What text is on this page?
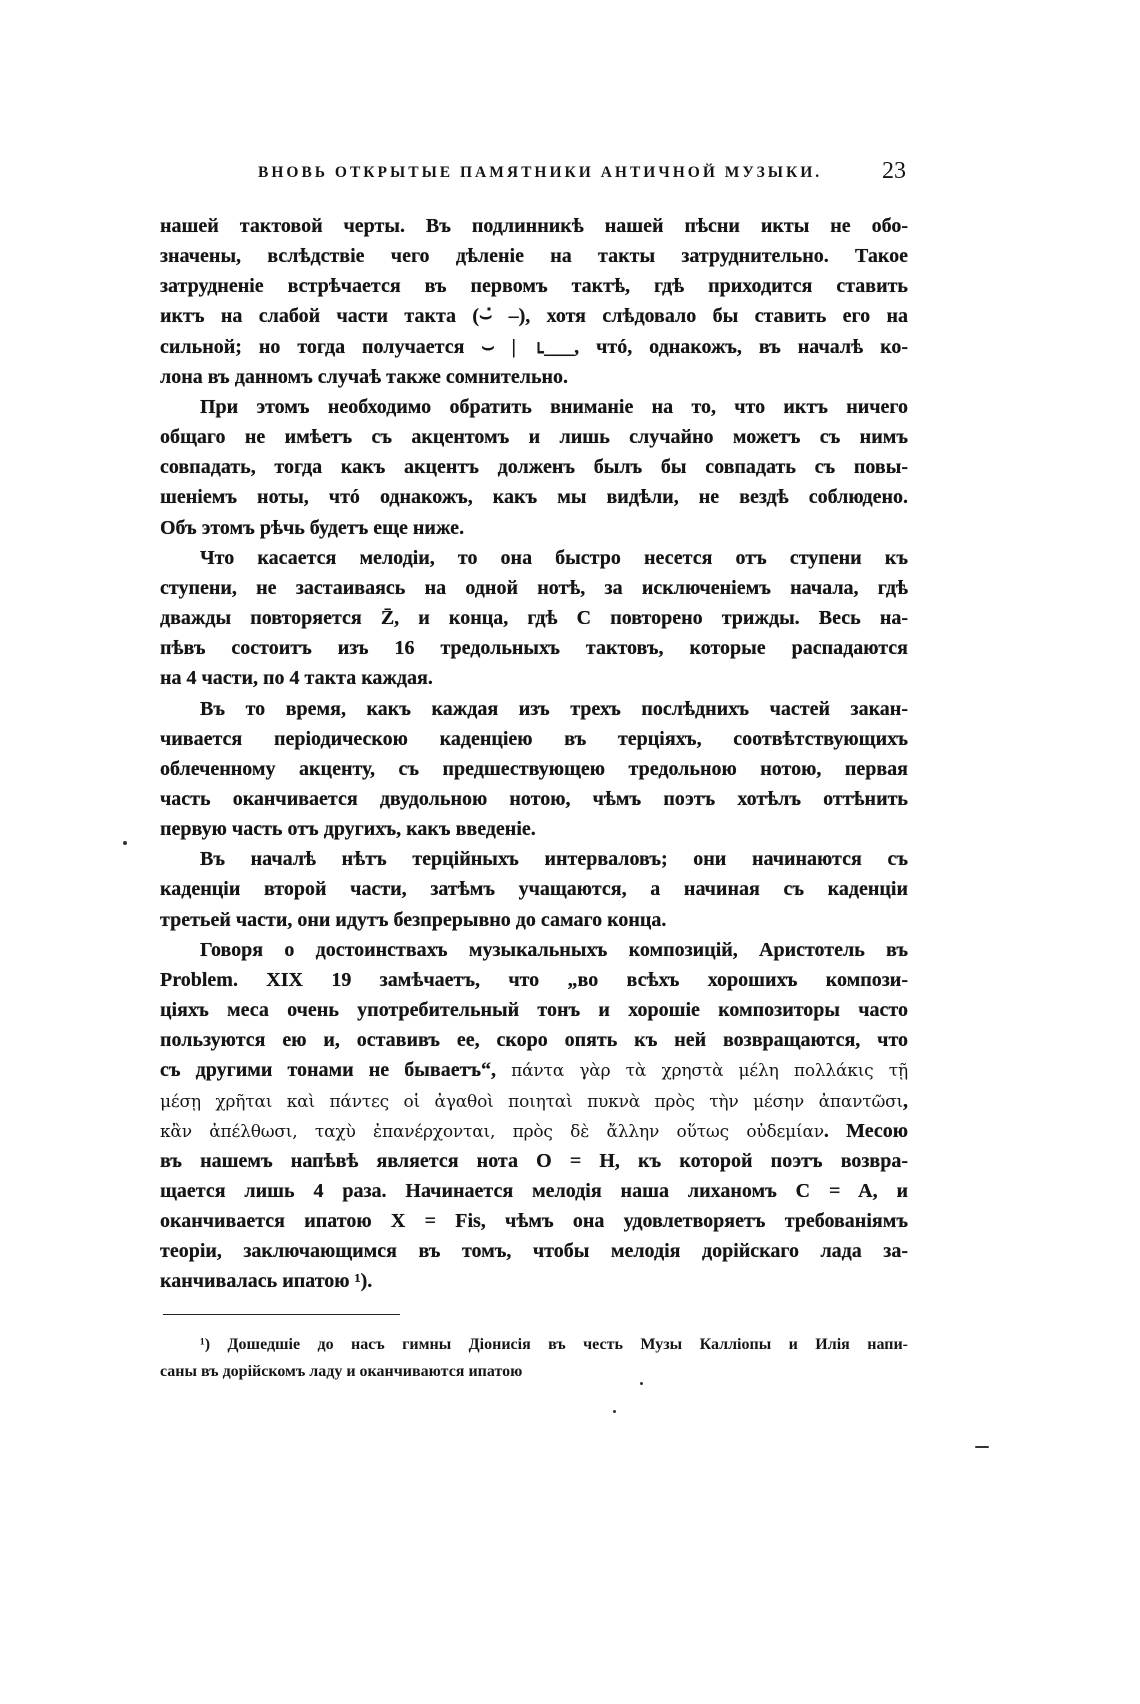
ВНОВЬ ОТКРЫТЫЕ ПАМЯТНИКИ АНТИЧНОЙ МУЗЫКИ. 23
нашей тактовой черты. Въ подлинникѣ нашей пѣсни икты не обо-
значены, вслѣдствіе чего дѣленіе на такты затруднительно. Такое
затрудненіе встрѣчается въ первомъ тактѣ, гдѣ приходится ставить
иктъ на слабой части такта (⌣̇ –), хотя слѣдовало бы ставить его на
сильной; но тогда получается ⌣ | ⌊___, чтó, однакожъ, въ началѣ ко-
лона въ данномъ случаѣ также сомнительно.
При этомъ необходимо обратить вниманіе на то, что иктъ ничего
общаго не имѣетъ съ акцентомъ и лишь случайно можетъ съ нимъ
совпадать, тогда какъ акцентъ долженъ былъ бы совпадать съ повы-
шеніемъ ноты, чтó однакожъ, какъ мы видѣли, не вездѣ соблюдено.
Объ этомъ рѣчь будетъ еще ниже.
Что касается мелодіи, то она быстро несется отъ ступени къ
ступени, не застаиваясь на одной нотѣ, за исключеніемъ начала, гдѣ
дважды повторяется Z̄, и конца, гдѣ C повторено трижды. Весь на-
пѣвъ состоитъ изъ 16 тредольныхъ тактовъ, которые распадаются
на 4 части, по 4 такта каждая.
Въ то время, какъ каждая изъ трехъ послѣднихъ частей закан-
чивается періодическою каденціею въ терціяхъ, соотвѣтствующихъ
облеченному акценту, съ предшествующею тредольною нотою, первая
часть оканчивается двудольною нотою, чѣмъ поэтъ хотѣлъ оттѣнить
первую часть отъ другихъ, какъ введеніе.
Въ началѣ нѣтъ терційныхъ интерваловъ; они начинаются съ
каденціи второй части, затѣмъ учащаются, а начиная съ каденціи
третьей части, они идутъ безпрерывно до самаго конца.
Говоря о достоинствахъ музыкальныхъ композицій, Аристотель въ
Problem. XIX 19 замѣчаетъ, что „во всѣхъ хорошихъ компози-
ціяхъ меса очень употребительный тонъ и хорошіе композиторы часто
пользуются ею и, оставивъ ее, скоро опять къ ней возвращаются, что
съ другими тонами не бываетъ“, πάντα γὰρ τὰ χρηστὰ μέλη πολλάκις τῇ
μέσῃ χρῆται καὶ πάντες οἱ ἀγαθοὶ ποιηταὶ πυκνὰ πρὸς τὴν μέσην ἀπαντῶσι,
κἂν ἀπέλθωσι, ταχὺ ἐπανέρχονται, πρὸς δὲ ἄλλην οὕτως οὐδεμίαν. Месою
въ нашемъ напѣвѣ является нота O = H, къ которой поэтъ возвра-
щается лишь 4 раза. Начинается мелодія наша лиханомъ C = A, и
оканчивается ипатою X = Fis, чѣмъ она удовлетворяетъ требованіямъ
теоріи, заключающимся въ томъ, чтобы мелодія дорійскаго лада за-
канчивалась ипатою ¹).
¹) Дошедшіе до насъ гимны Діонисія въ честь Музы Калліопы и Илія напи-
саны въ дорійскомъ ладу и оканчиваются ипатою
